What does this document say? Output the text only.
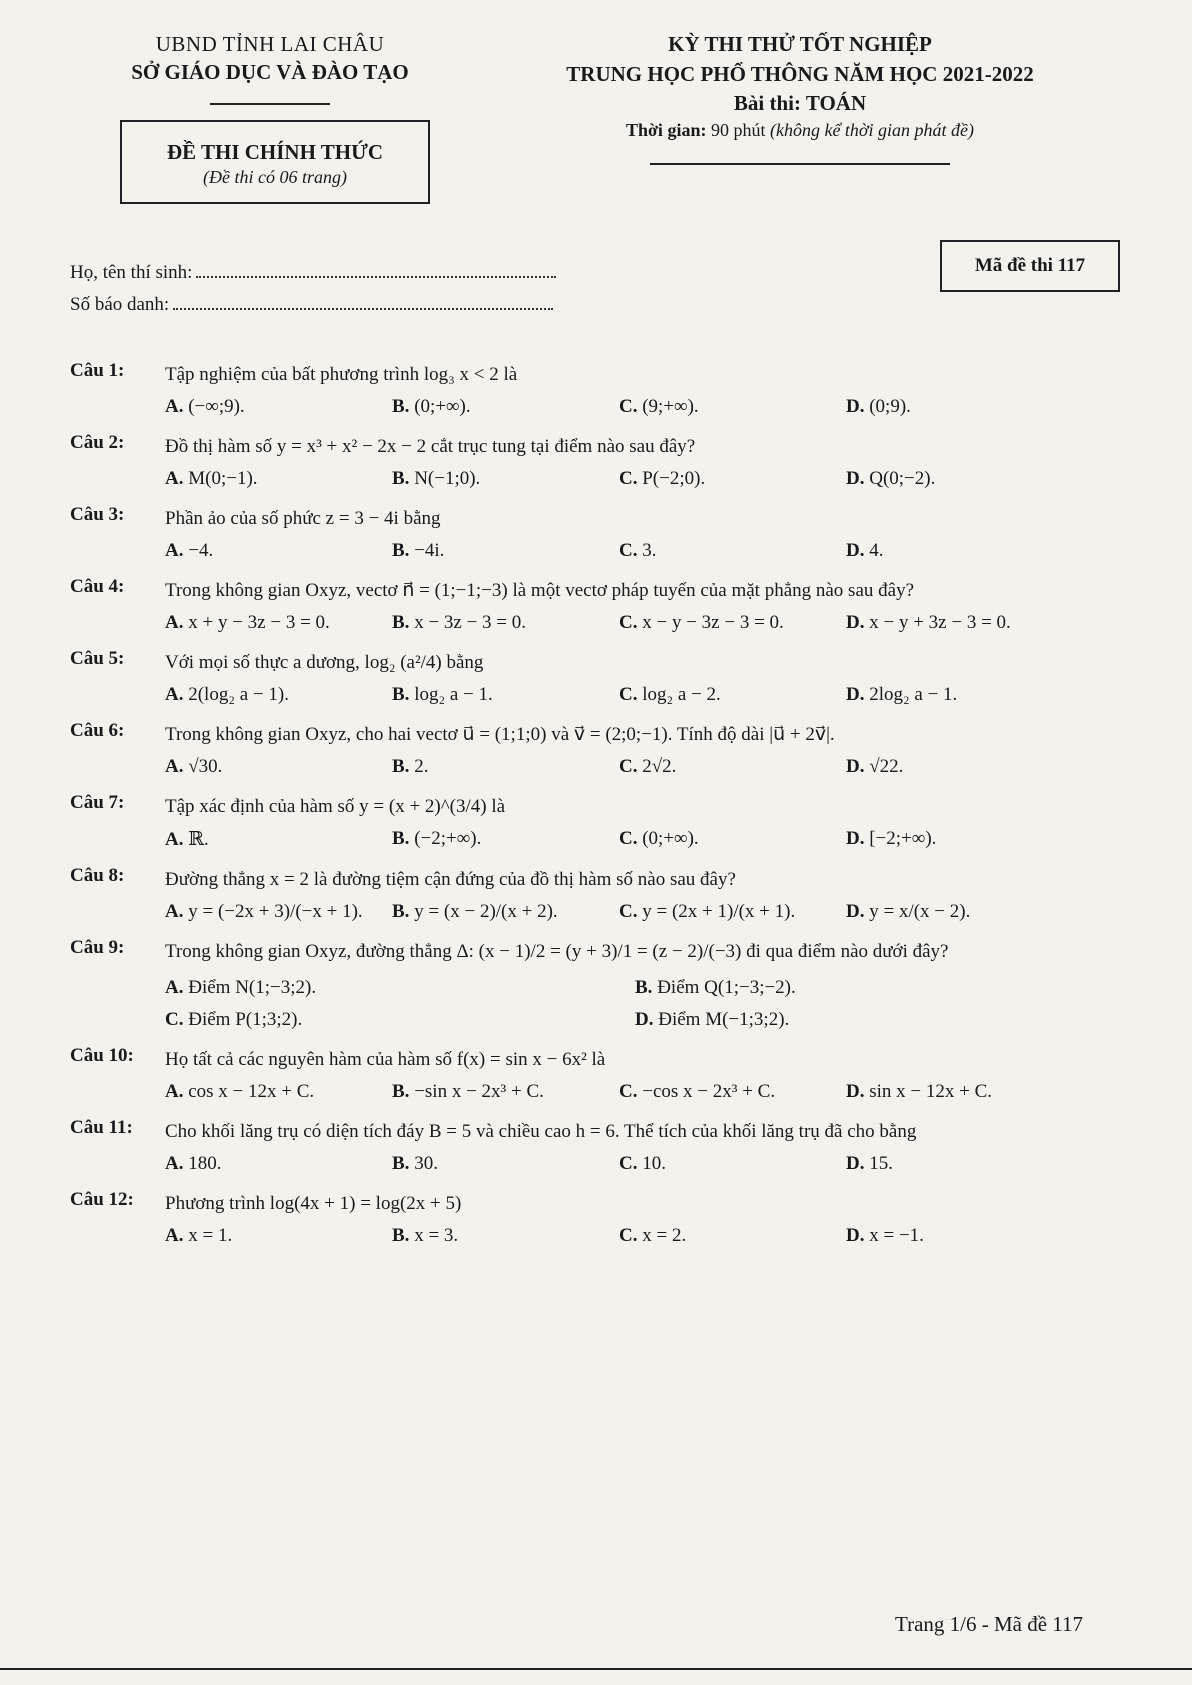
UBND TỈNH LAI CHÂU
SỞ GIÁO DỤC VÀ ĐÀO TẠO
ĐỀ THI CHÍNH THỨC
(Đề thi có 06 trang)
KỲ THI THỬ TỐT NGHIỆP
TRUNG HỌC PHỔ THÔNG NĂM HỌC 2021-2022
Bài thi: TOÁN
Thời gian: 90 phút (không kể thời gian phát đề)
Họ, tên thí sinh:
Số báo danh:
Mã đề thi 117
Câu 1: Tập nghiệm của bất phương trình log₃ x < 2 là
A. (−∞;9).	B. (0;+∞).	C. (9;+∞).	D. (0;9).
Câu 2: Đồ thị hàm số y = x³ + x² − 2x − 2 cắt trục tung tại điểm nào sau đây?
A. M(0;−1).	B. N(−1;0).	C. P(−2;0).	D. Q(0;−2).
Câu 3: Phần ảo của số phức z = 3 − 4i bằng
A. −4.	B. −4i.	C. 3.	D. 4.
Câu 4: Trong không gian Oxyz, vectơ n⃗ = (1;−1;−3) là một vectơ pháp tuyến của mặt phẳng nào sau đây?
A. x + y − 3z − 3 = 0.	B. x − 3z − 3 = 0.	C. x − y − 3z − 3 = 0.	D. x − y + 3z − 3 = 0.
Câu 5: Với mọi số thực a dương, log₂ (a²/4) bằng
A. 2(log₂ a − 1).	B. log₂ a − 1.	C. log₂ a − 2.	D. 2log₂ a − 1.
Câu 6: Trong không gian Oxyz, cho hai vectơ u⃗ = (1;1;0) và v⃗ = (2;0;−1). Tính độ dài |u⃗ + 2v⃗|.
A. √30.	B. 2.	C. 2√2.	D. √22.
Câu 7: Tập xác định của hàm số y = (x + 2)^(3/4) là
A. ℝ.	B. (−2;+∞).	C. (0;+∞).	D. [−2;+∞).
Câu 8: Đường thẳng x = 2 là đường tiệm cận đứng của đồ thị hàm số nào sau đây?
A. y = (−2x + 3)/(−x + 1).	B. y = (x − 2)/(x + 2).	C. y = (2x + 1)/(x + 1).	D. y = x/(x − 2).
Câu 9: Trong không gian Oxyz, đường thẳng Δ: (x − 1)/2 = (y + 3)/1 = (z − 2)/(−3) đi qua điểm nào dưới đây?
A. Điểm N(1;−3;2).	B. Điểm Q(1;−3;−2).
C. Điểm P(1;3;2).	D. Điểm M(−1;3;2).
Câu 10: Họ tất cả các nguyên hàm của hàm số f(x) = sin x − 6x² là
A. cos x − 12x + C.	B. −sin x − 2x³ + C.	C. −cos x − 2x³ + C.	D. sin x − 12x + C.
Câu 11: Cho khối lăng trụ có diện tích đáy B = 5 và chiều cao h = 6. Thể tích của khối lăng trụ đã cho bằng
A. 180.	B. 30.	C. 10.	D. 15.
Câu 12: Phương trình log(4x + 1) = log(2x + 5)
A. x = 1.	B. x = 3.	C. x = 2.	D. x = −1.
Trang 1/6 - Mã đề 117
